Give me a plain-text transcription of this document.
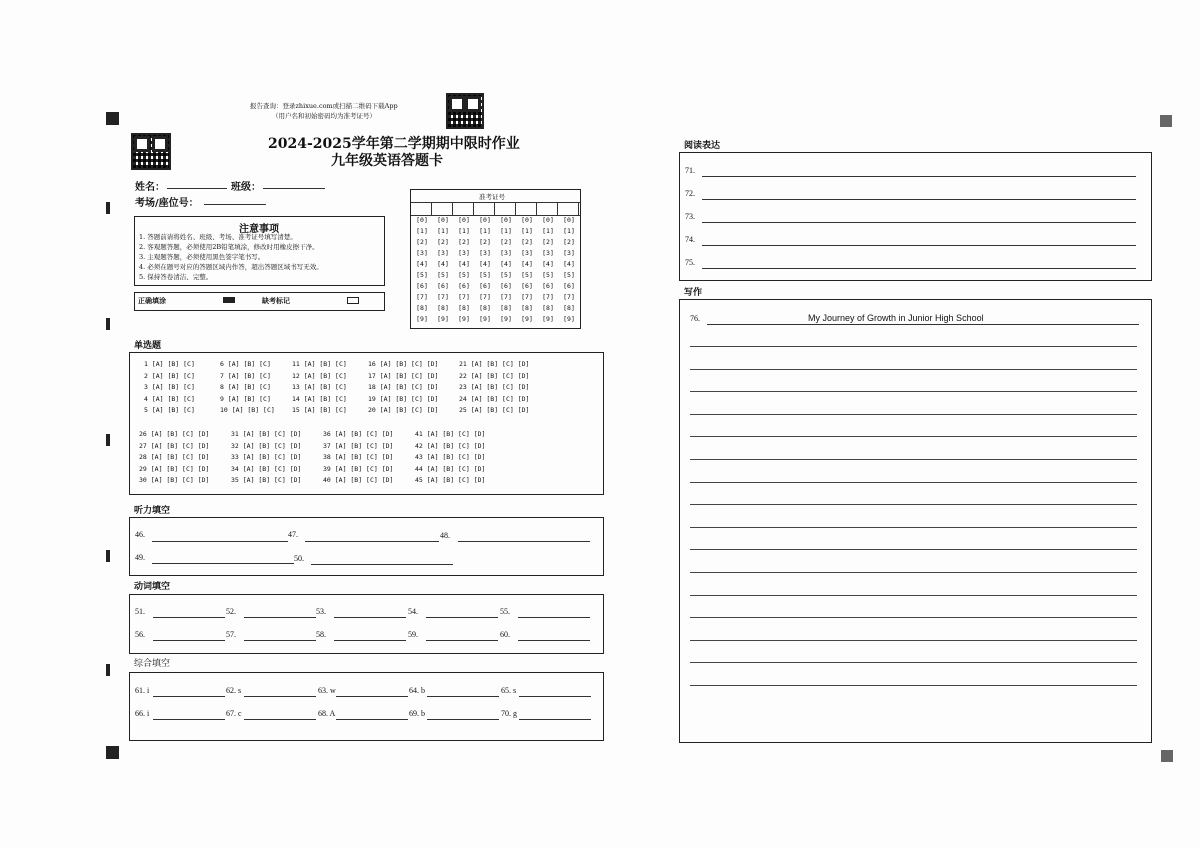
报告查询：登录zhixue.com或扫描二维码下载App
（用户名和初始密码均为准考证号）
2024-2025学年第二学期期中限时作业
九年级英语答题卡
姓名：	班级：
考场/座位号：
注意事项
1. 答题前请将姓名、班级、考场、准考证号填写清楚。
2. 客观题答题，必须使用2B铅笔填涂，修改时用橡皮擦干净。
3. 主观题答题，必须使用黑色签字笔书写。
4. 必须在题号对应的答题区域内作答，超出答题区域书写无效。
5. 保持答卷清洁、完整。
正确填涂	缺考标记
准考证号
[0]	[0]	[0]	[0]	[0]	[0]	[0]	[0]
[1]	[1]	[1]	[1]	[1]	[1]	[1]	[1]
[2]	[2]	[2]	[2]	[2]	[2]	[2]	[2]
[3]	[3]	[3]	[3]	[3]	[3]	[3]	[3]
[4]	[4]	[4]	[4]	[4]	[4]	[4]	[4]
[5]	[5]	[5]	[5]	[5]	[5]	[5]	[5]
[6]	[6]	[6]	[6]	[6]	[6]	[6]	[6]
[7]	[7]	[7]	[7]	[7]	[7]	[7]	[7]
[8]	[8]	[8]	[8]	[8]	[8]	[8]	[8]
[9]	[9]	[9]	[9]	[9]	[9]	[9]	[9]
单选题
1 [A] [B] [C]	6 [A] [B] [C]	11 [A] [B] [C]	16 [A] [B] [C] [D]	21 [A] [B] [C] [D]
2 [A] [B] [C]	7 [A] [B] [C]	12 [A] [B] [C]	17 [A] [B] [C] [D]	22 [A] [B] [C] [D]
3 [A] [B] [C]	8 [A] [B] [C]	13 [A] [B] [C]	18 [A] [B] [C] [D]	23 [A] [B] [C] [D]
4 [A] [B] [C]	9 [A] [B] [C]	14 [A] [B] [C]	19 [A] [B] [C] [D]	24 [A] [B] [C] [D]
5 [A] [B] [C]	10 [A] [B] [C]	15 [A] [B] [C]	20 [A] [B] [C] [D]	25 [A] [B] [C] [D]
26 [A] [B] [C] [D]	31 [A] [B] [C] [D]	36 [A] [B] [C] [D]	41 [A] [B] [C] [D]
27 [A] [B] [C] [D]	32 [A] [B] [C] [D]	37 [A] [B] [C] [D]	42 [A] [B] [C] [D]
28 [A] [B] [C] [D]	33 [A] [B] [C] [D]	38 [A] [B] [C] [D]	43 [A] [B] [C] [D]
29 [A] [B] [C] [D]	34 [A] [B] [C] [D]	39 [A] [B] [C] [D]	44 [A] [B] [C] [D]
30 [A] [B] [C] [D]	35 [A] [B] [C] [D]	40 [A] [B] [C] [D]	45 [A] [B] [C] [D]
听力填空
46.	47.	48.
49.	50.
动词填空
51.	52.	53.	54.	55.
56.	57.	58.	59.	60.
综合填空
61. i	62. s	63. w	64. b	65. s
66. i	67. c	68. A	69. b	70. g
阅读表达
71.
72.
73.
74.
75.
写作
76.	My Journey of Growth in Junior High School
